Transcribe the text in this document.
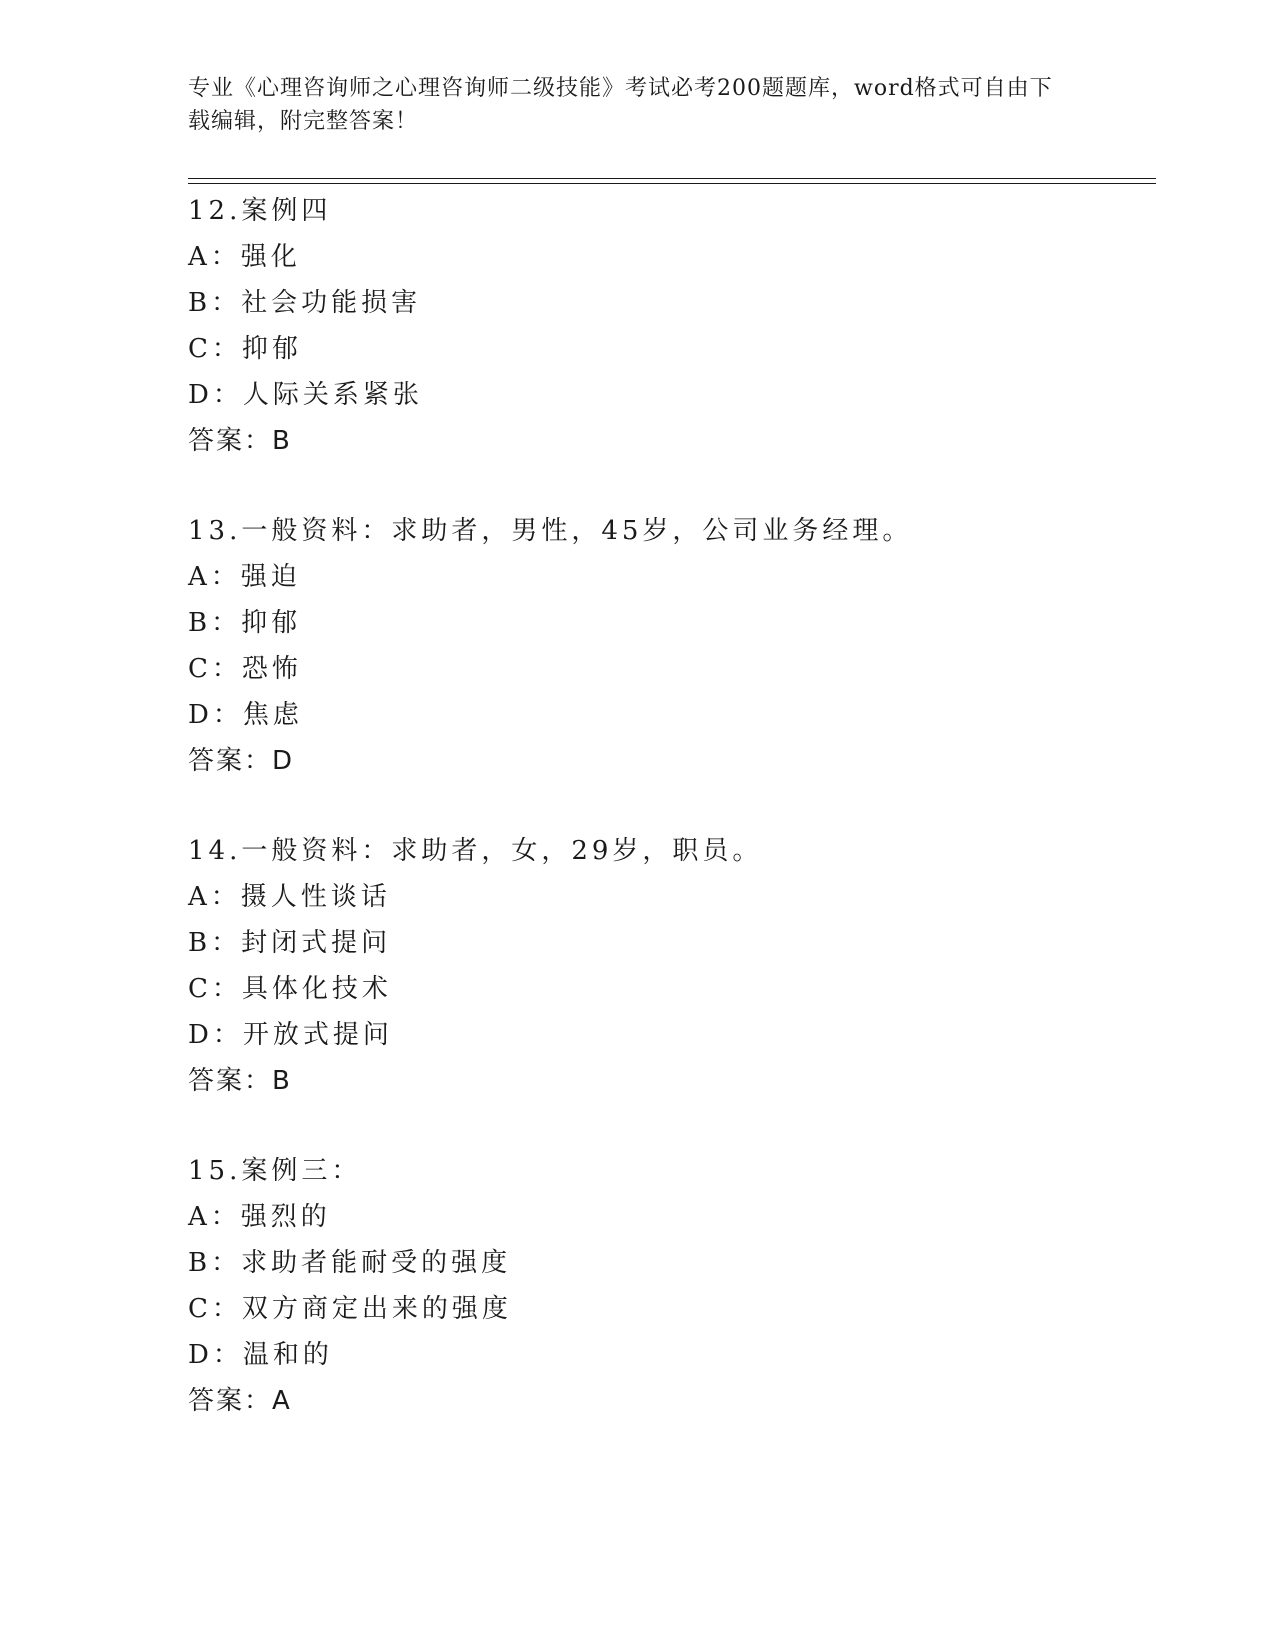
专业《心理咨询师之心理咨询师二级技能》考试必考200题题库，word格式可自由下载编辑，附完整答案！
12.案例四
A：强化
B：社会功能损害
C：抑郁
D：人际关系紧张
答案：B
13.一般资料：求助者，男性，45岁，公司业务经理。
A：强迫
B：抑郁
C：恐怖
D：焦虑
答案：D
14.一般资料：求助者，女，29岁，职员。
A：摄人性谈话
B：封闭式提问
C：具体化技术
D：开放式提问
答案：B
15.案例三：
A：强烈的
B：求助者能耐受的强度
C：双方商定出来的强度
D：温和的
答案：A
